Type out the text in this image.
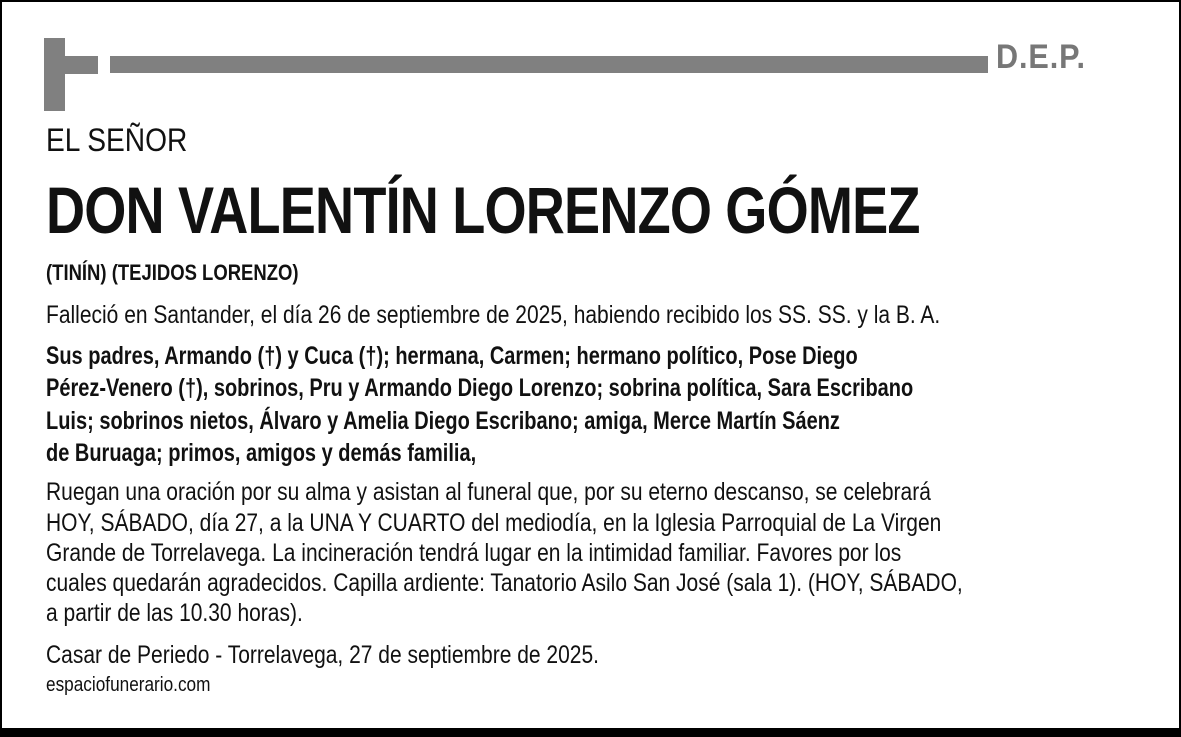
D.E.P.
EL SEÑOR
DON VALENTÍN LORENZO GÓMEZ
(TINÍN) (TEJIDOS LORENZO)
Falleció en Santander, el día 26 de septiembre de 2025, habiendo recibido los SS. SS. y la B. A.
Sus padres, Armando (†) y Cuca (†); hermana, Carmen; hermano político, Pose Diego
Pérez-Venero (†), sobrinos, Pru y Armando Diego Lorenzo; sobrina política, Sara Escribano
Luis; sobrinos nietos, Álvaro y Amelia Diego Escribano; amiga, Merce Martín Sáenz
de Buruaga; primos, amigos y demás familia,
Ruegan una oración por su alma y asistan al funeral que, por su eterno descanso, se celebrará
HOY, SÁBADO, día 27, a la UNA Y CUARTO del mediodía, en la Iglesia Parroquial de La Virgen
Grande de Torrelavega. La incineración tendrá lugar en la intimidad familiar. Favores por los
cuales quedarán agradecidos. Capilla ardiente: Tanatorio Asilo San José (sala 1). (HOY, SÁBADO,
a partir de las 10.30 horas).
Casar de Periedo - Torrelavega, 27 de septiembre de 2025.
espaciofunerario.com
